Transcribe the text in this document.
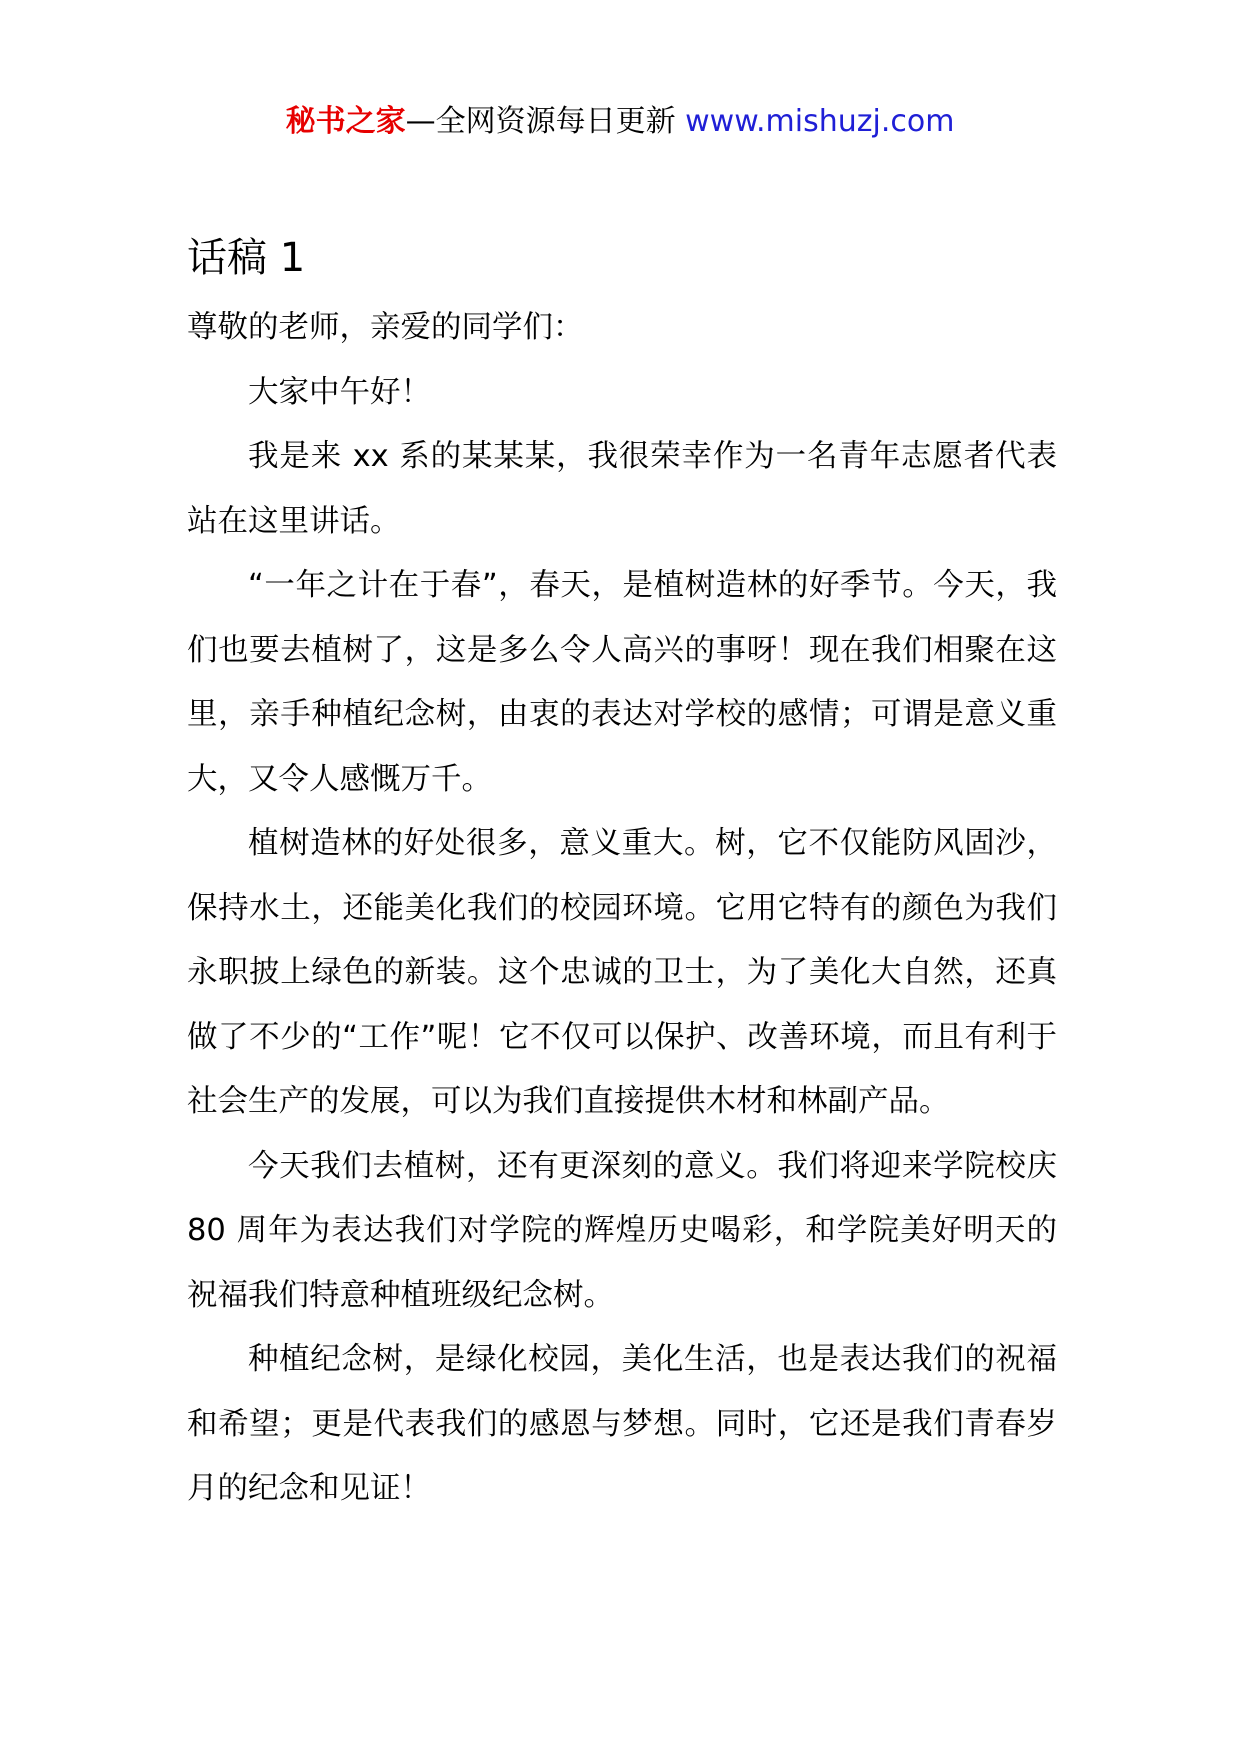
秘书之家—全网资源每日更新 www.mishuzj.com
话稿 1

尊敬的老师，亲爱的同学们：

大家中午好！

我是来 xx 系的某某某，我很荣幸作为一名青年志愿者代表站在这里讲话。

“一年之计在于春”，春天，是植树造林的好季节。今天，我们也要去植树了，这是多么令人高兴的事呀！现在我们相聚在这里，亲手种植纪念树，由衷的表达对学校的感情；可谓是意义重大，又令人感慨万千。

植树造林的好处很多，意义重大。树，它不仅能防风固沙，保持水土，还能美化我们的校园环境。它用它特有的颜色为我们永职披上绿色的新装。这个忠诚的卫士，为了美化大自然，还真做了不少的“工作”呢！它不仅可以保护、改善环境，而且有利于社会生产的发展，可以为我们直接提供木材和林副产品。

今天我们去植树，还有更深刻的意义。我们将迎来学院校庆 80 周年为表达我们对学院的辉煌历史喝彩，和学院美好明天的祝福我们特意种植班级纪念树。

种植纪念树，是绿化校园，美化生活，也是表达我们的祝福和希望；更是代表我们的感恩与梦想。同时，它还是我们青春岁月的纪念和见证！
